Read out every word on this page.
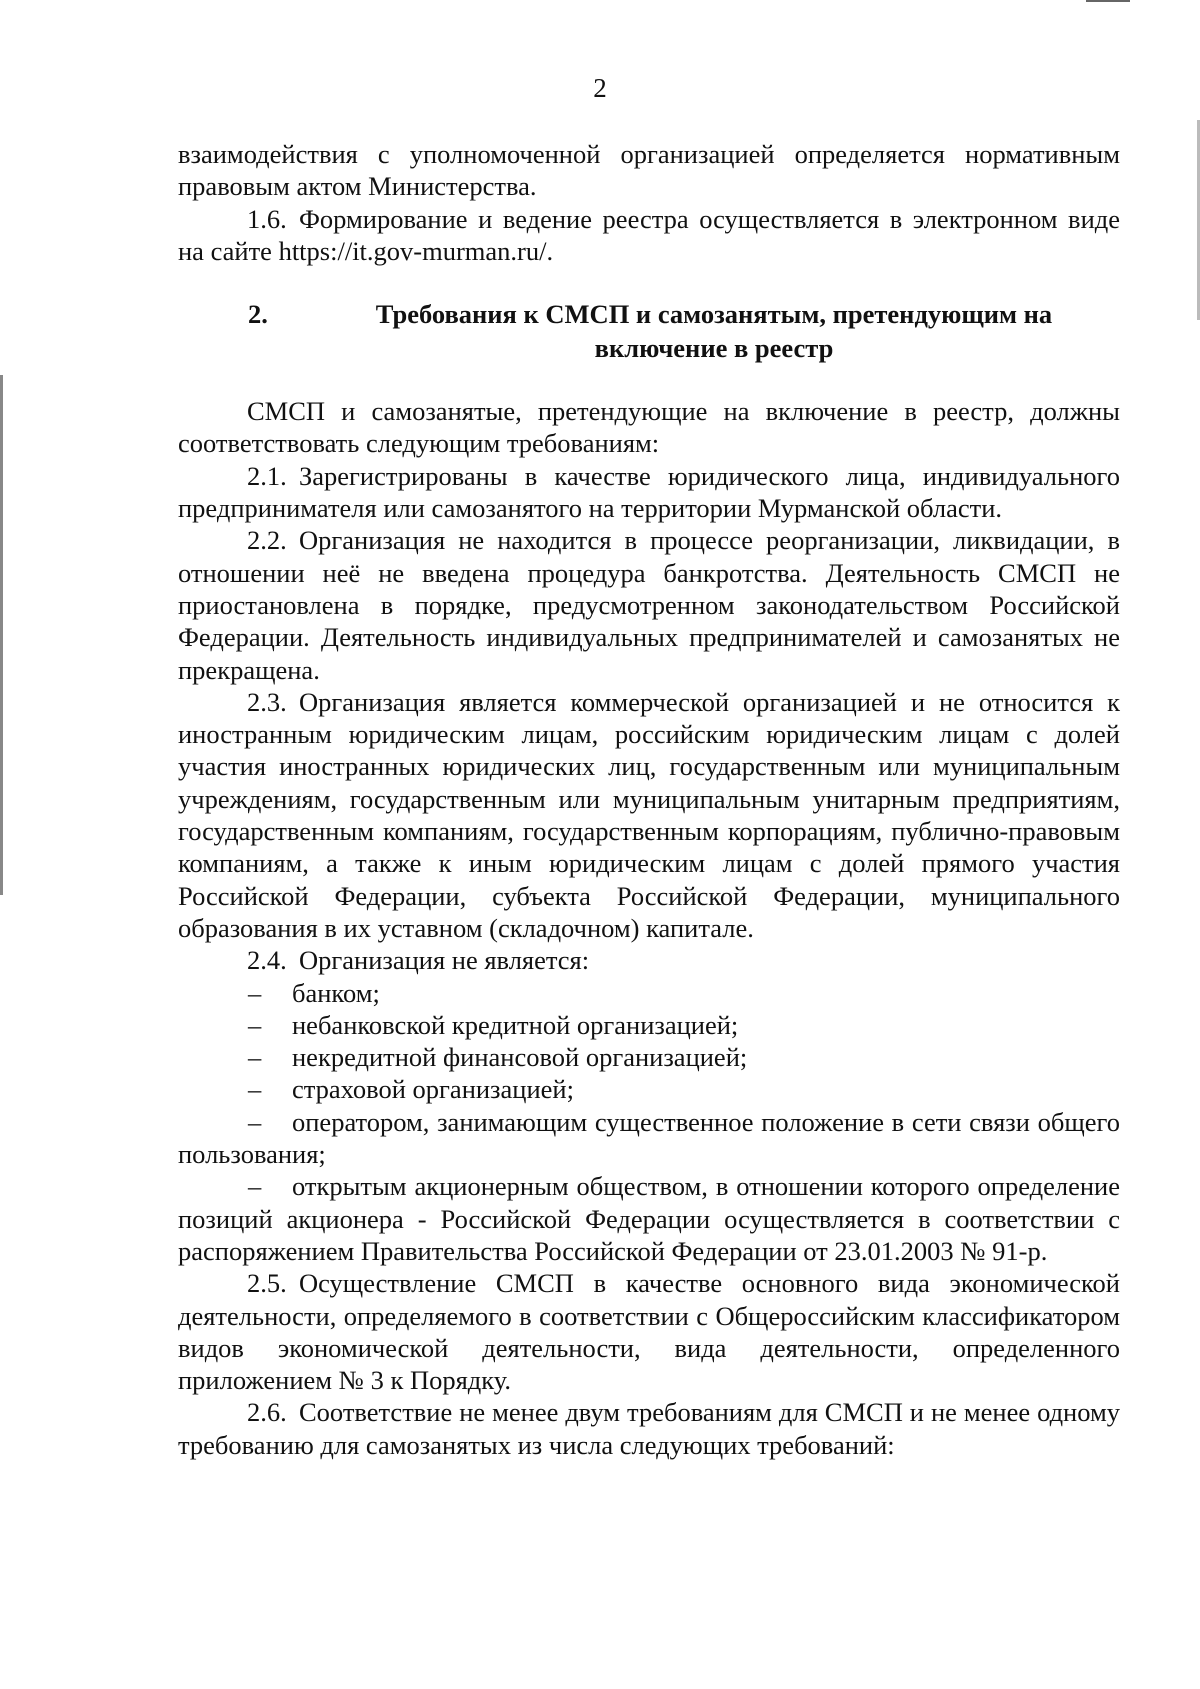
2

взаимодействия с уполномоченной организацией определяется нормативным правовым актом Министерства.

1.6. Формирование и ведение реестра осуществляется в электронном виде на сайте https://it.gov-murman.ru/.

2.	Требования к СМСП и самозанятым, претендующим на включение в реестр

СМСП и самозанятые, претендующие на включение в реестр, должны соответствовать следующим требованиям:

2.1. Зарегистрированы в качестве юридического лица, индивидуального предпринимателя или самозанятого на территории Мурманской области.

2.2. Организация не находится в процессе реорганизации, ликвидации, в отношении неё не введена процедура банкротства. Деятельность СМСП не приостановлена в порядке, предусмотренном законодательством Российской Федерации. Деятельность индивидуальных предпринимателей и самозанятых не прекращена.

2.3. Организация является коммерческой организацией и не относится к иностранным юридическим лицам, российским юридическим лицам с долей участия иностранных юридических лиц, государственным или муниципальным учреждениям, государственным или муниципальным унитарным предприятиям, государственным компаниям, государственным корпорациям, публично-правовым компаниям, а также к иным юридическим лицам с долей прямого участия Российской Федерации, субъекта Российской Федерации, муниципального образования в их уставном (складочном) капитале.

2.4. Организация не является:

– банком;

– небанковской кредитной организацией;

– некредитной финансовой организацией;

– страховой организацией;

– оператором, занимающим существенное положение в сети связи общего пользования;

– открытым акционерным обществом, в отношении которого определение позиций акционера - Российской Федерации осуществляется в соответствии с распоряжением Правительства Российской Федерации от 23.01.2003 № 91-р.

2.5. Осуществление СМСП в качестве основного вида экономической деятельности, определяемого в соответствии с Общероссийским классификатором видов экономической деятельности, вида деятельности, определенного приложением № 3 к Порядку.

2.6. Соответствие не менее двум требованиям для СМСП и не менее одному требованию для самозанятых из числа следующих требований:
